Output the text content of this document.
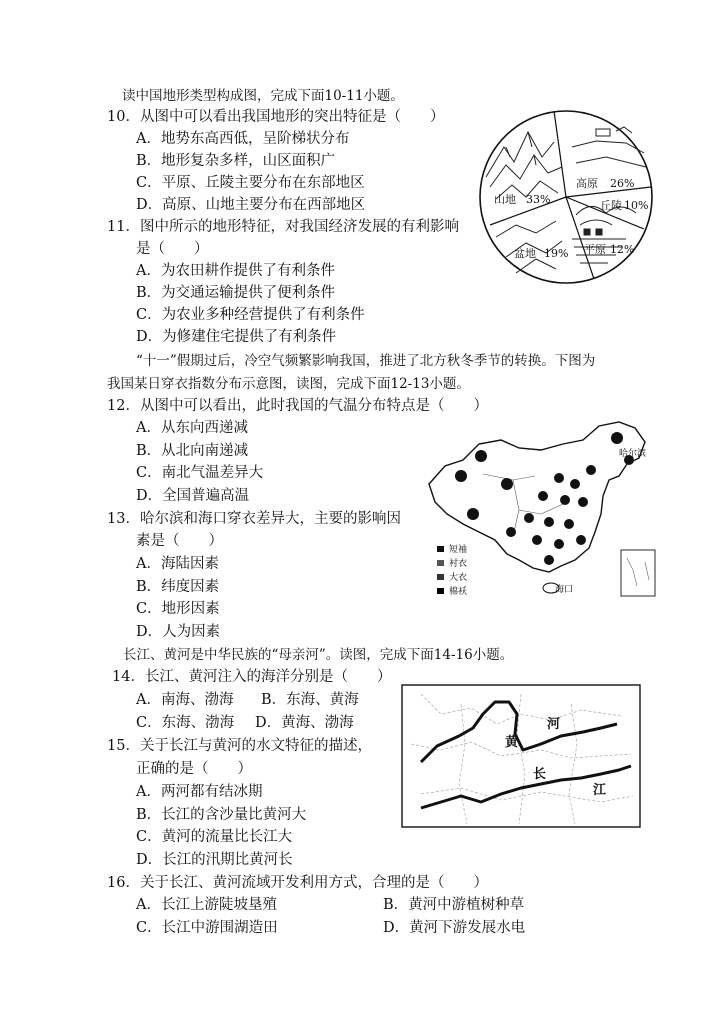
读中国地形类型构成图，完成下面10-11小题。
10．从图中可以看出我国地形的突出特征是（　　）
A．地势东高西低，呈阶梯状分布
B．地形复杂多样，山区面积广
C．平原、丘陵主要分布在东部地区
D．高原、山地主要分布在西部地区
11．图中所示的地形特征，对我国经济发展的有利影响
是（　　）
A．为农田耕作提供了有利条件
B．为交通运输提供了便利条件
C．为农业多种经营提供了有利条件
D．为修建住宅提供了有利条件
山地 33%
高原 26%
丘陵 10%
平原 12%
盆地 19%
“十一”假期过后，冷空气频繁影响我国，推进了北方秋冬季节的转换。下图为
我国某日穿衣指数分布示意图，读图，完成下面12-13小题。
12．从图中可以看出，此时我国的气温分布特点是（　　）
A．从东向西递减
B．从北向南递减
C．南北气温差异大
D．全国普遍高温
13．哈尔滨和海口穿衣差异大，主要的影响因
素是（　　）
A．海陆因素
B．纬度因素
C．地形因素
D．人为因素
哈尔滨
海口
短袖
衬衣
大衣
棉袄
长江、黄河是中华民族的“母亲河”。读图，完成下面14-16小题。
14．长江、黄河注入的海洋分别是（　　）
A．南海、渤海 B．东海、黄海
C．东海、渤海 D．黄海、渤海
15．关于长江与黄河的水文特征的描述，
正确的是（　　）
A．两河都有结冰期
B．长江的含沙量比黄河大
C．黄河的流量比长江大
D．长江的汛期比黄河长
16．关于长江、黄河流域开发利用方式，合理的是（　　）
A．长江上游陡坡垦殖	B．黄河中游植树种草
C．长江中游围湖造田	D．黄河下游发展水电
黄
河
长
江
